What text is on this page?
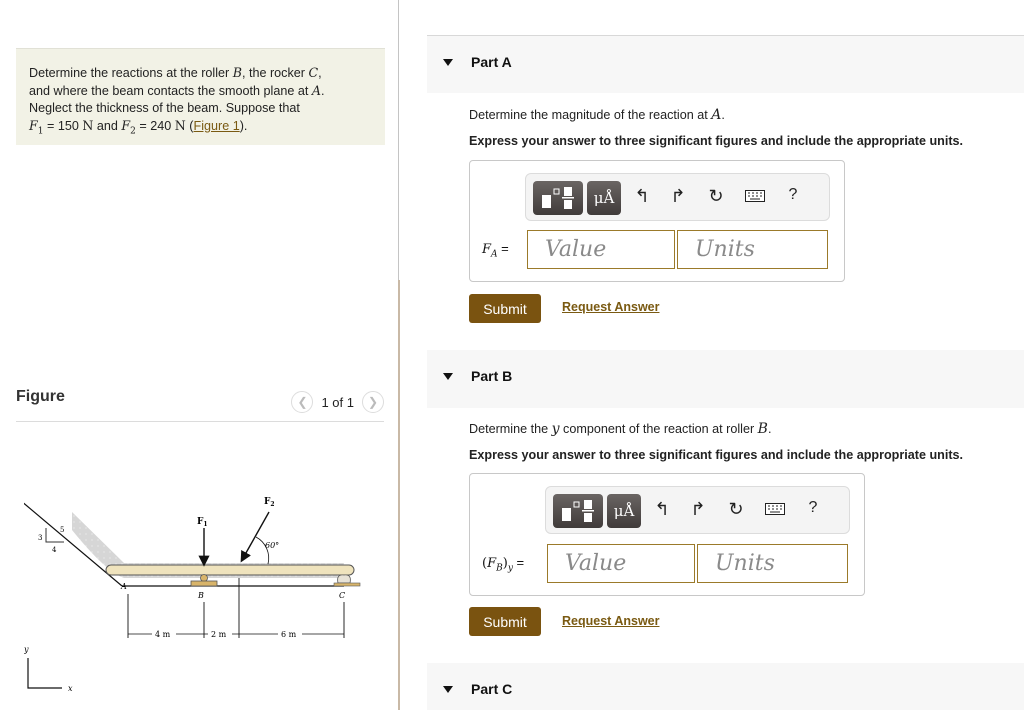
Determine the reactions at the roller B, the rocker C,
and where the beam contacts the smooth plane at A.
Neglect the thickness of the beam. Suppose that
$F_1 = 150$ N and $F_2 = 240$ N (Figure 1).
Figure	❮ 1 of 1 ❯
3
4
5
$F_1$
$F_2$
60°
A
B	C
4 m	2 m	6 m
y
x
Part A
Determine the magnitude of the reaction at A.
Express your answer to three significant figures and include the appropriate units.
μÅ	↰ ↱ ↻	?
$F_A$ =	Value	Units
Submit	Request Answer
Part B
Determine the y component of the reaction at roller B.
Express your answer to three significant figures and include the appropriate units.
μÅ	↰ ↱ ↻	?
$(F_B)_y$ =	Value	Units
Submit	Request Answer
Part C
